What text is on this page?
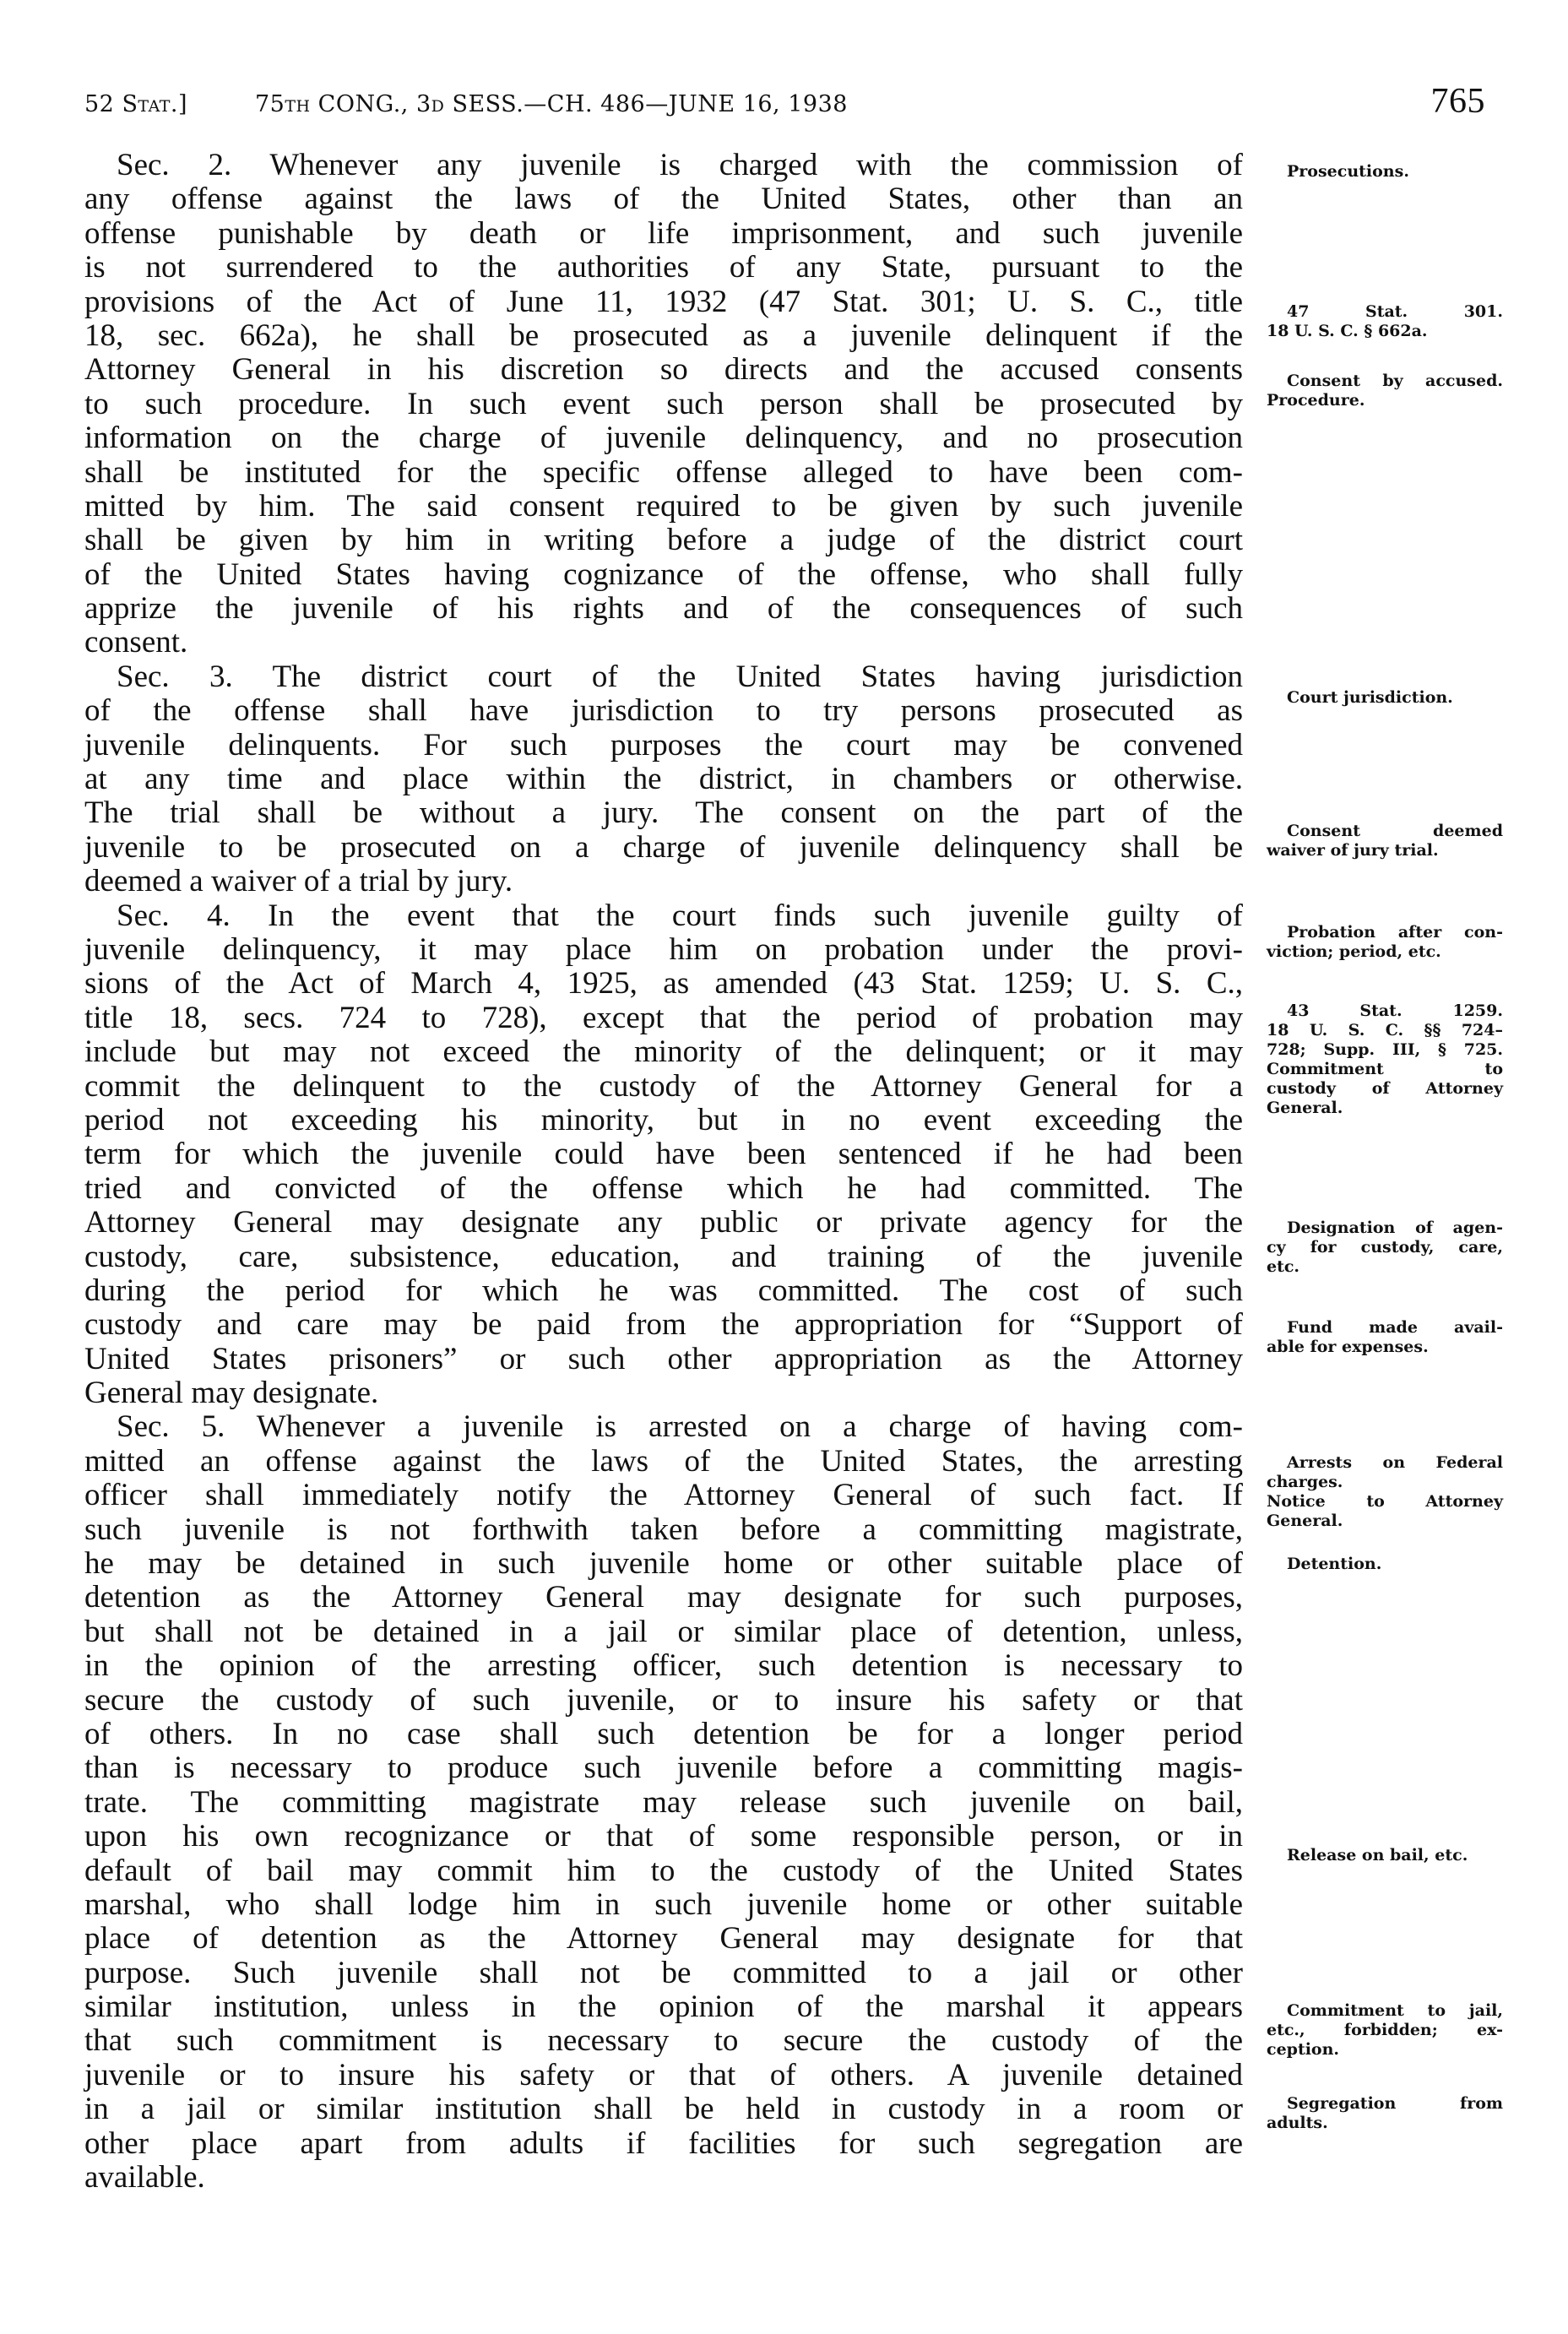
52 Stat.]	75th CONG., 3d SESS.—CH. 486—JUNE 16, 1938	765
Sec. 2. Whenever any juvenile is charged with the commission of
any offense against the laws of the United States, other than an
offense punishable by death or life imprisonment, and such juvenile
is not surrendered to the authorities of any State, pursuant to the
provisions of the Act of June 11, 1932 (47 Stat. 301; U. S. C., title
18, sec. 662a), he shall be prosecuted as a juvenile delinquent if the
Attorney General in his discretion so directs and the accused consents
to such procedure. In such event such person shall be prosecuted by
information on the charge of juvenile delinquency, and no prosecution
shall be instituted for the specific offense alleged to have been com-
mitted by him. The said consent required to be given by such juvenile
shall be given by him in writing before a judge of the district court
of the United States having cognizance of the offense, who shall fully
apprize the juvenile of his rights and of the consequences of such
consent.
Sec. 3. The district court of the United States having jurisdiction
of the offense shall have jurisdiction to try persons prosecuted as
juvenile delinquents. For such purposes the court may be convened
at any time and place within the district, in chambers or otherwise.
The trial shall be without a jury. The consent on the part of the
juvenile to be prosecuted on a charge of juvenile delinquency shall be
deemed a waiver of a trial by jury.
Sec. 4. In the event that the court finds such juvenile guilty of
juvenile delinquency, it may place him on probation under the provi-
sions of the Act of March 4, 1925, as amended (43 Stat. 1259; U. S. C.,
title 18, secs. 724 to 728), except that the period of probation may
include but may not exceed the minority of the delinquent; or it may
commit the delinquent to the custody of the Attorney General for a
period not exceeding his minority, but in no event exceeding the
term for which the juvenile could have been sentenced if he had been
tried and convicted of the offense which he had committed. The
Attorney General may designate any public or private agency for the
custody, care, subsistence, education, and training of the juvenile
during the period for which he was committed. The cost of such
custody and care may be paid from the appropriation for “Support of
United States prisoners” or such other appropriation as the Attorney
General may designate.
Sec. 5. Whenever a juvenile is arrested on a charge of having com-
mitted an offense against the laws of the United States, the arresting
officer shall immediately notify the Attorney General of such fact. If
such juvenile is not forthwith taken before a committing magistrate,
he may be detained in such juvenile home or other suitable place of
detention as the Attorney General may designate for such purposes,
but shall not be detained in a jail or similar place of detention, unless,
in the opinion of the arresting officer, such detention is necessary to
secure the custody of such juvenile, or to insure his safety or that
of others. In no case shall such detention be for a longer period
than is necessary to produce such juvenile before a committing magis-
trate. The committing magistrate may release such juvenile on bail,
upon his own recognizance or that of some responsible person, or in
default of bail may commit him to the custody of the United States
marshal, who shall lodge him in such juvenile home or other suitable
place of detention as the Attorney General may designate for that
purpose. Such juvenile shall not be committed to a jail or other
similar institution, unless in the opinion of the marshal it appears
that such commitment is necessary to secure the custody of the
juvenile or to insure his safety or that of others. A juvenile detained
in a jail or similar institution shall be held in custody in a room or
other place apart from adults if facilities for such segregation are
available.
Prosecutions.
47 Stat. 301.
18 U. S. C. § 662a.
Consent by accused.
Procedure.
Court jurisdiction.
Consent deemed
waiver of jury trial.
Probation after con-
viction; period, etc.
43 Stat. 1259.
18 U. S. C. §§ 724–
728; Supp. III, § 725.
Commitment to
custody of Attorney
General.
Designation of agen-
cy for custody, care,
etc.
Fund made avail-
able for expenses.
Arrests on Federal
charges.
Notice to Attorney
General.
Detention.
Release on bail, etc.
Commitment to jail,
etc., forbidden; ex-
ception.
Segregation from
adults.
